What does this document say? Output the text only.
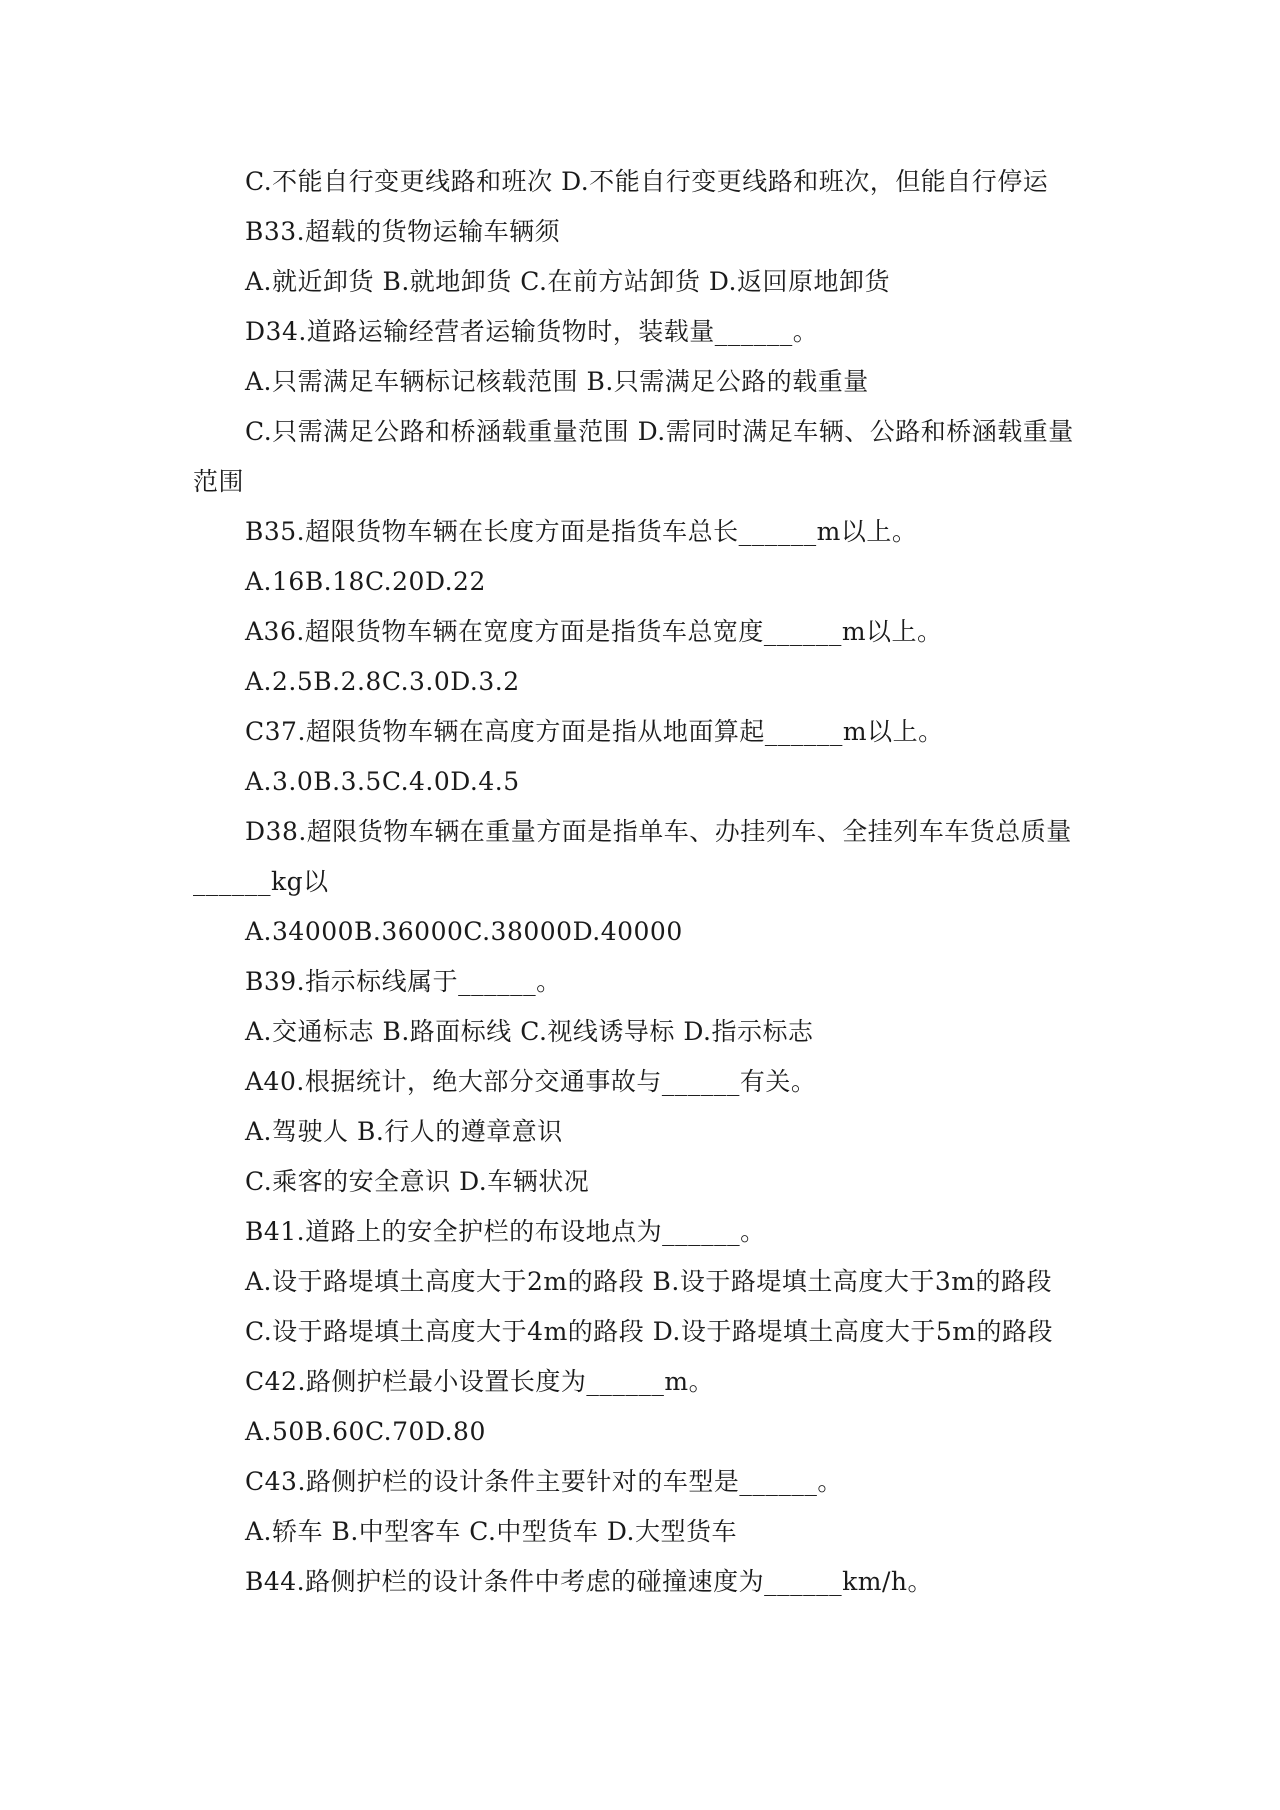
C.不能自行变更线路和班次 D.不能自行变更线路和班次，但能自行停运
B33.超载的货物运输车辆须
A.就近卸货 B.就地卸货 C.在前方站卸货 D.返回原地卸货
D34.道路运输经营者运输货物时，装载量______。
A.只需满足车辆标记核载范围 B.只需满足公路的载重量
C.只需满足公路和桥涵载重量范围 D.需同时满足车辆、公路和桥涵载重量
范围
B35.超限货物车辆在长度方面是指货车总长______m以上。
A.16B.18C.20D.22
A36.超限货物车辆在宽度方面是指货车总宽度______m以上。
A.2.5B.2.8C.3.0D.3.2
C37.超限货物车辆在高度方面是指从地面算起______m以上。
A.3.0B.3.5C.4.0D.4.5
D38.超限货物车辆在重量方面是指单车、办挂列车、全挂列车车货总质量
______kg以
A.34000B.36000C.38000D.40000
B39.指示标线属于______。
A.交通标志 B.路面标线 C.视线诱导标 D.指示标志
A40.根据统计，绝大部分交通事故与______有关。
A.驾驶人 B.行人的遵章意识
C.乘客的安全意识 D.车辆状况
B41.道路上的安全护栏的布设地点为______。
A.设于路堤填土高度大于2m的路段 B.设于路堤填土高度大于3m的路段
C.设于路堤填土高度大于4m的路段 D.设于路堤填土高度大于5m的路段
C42.路侧护栏最小设置长度为______m。
A.50B.60C.70D.80
C43.路侧护栏的设计条件主要针对的车型是______。
A.轿车 B.中型客车 C.中型货车 D.大型货车
B44.路侧护栏的设计条件中考虑的碰撞速度为______km/h。
